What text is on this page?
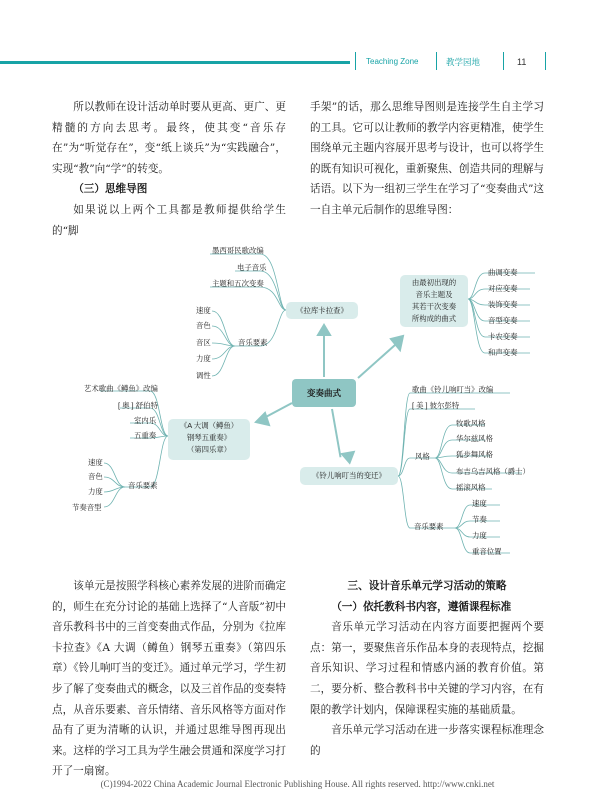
Teaching Zone	教学园地	11

所以教师在设计活动单时要从更高、更广、更精髓的方向去思考。最终，使其变“音乐存在”为“听觉存在”，变“纸上谈兵”为“实践融合”，实现“教”向“学”的转变。

（三）思维导图

如果说以上两个工具都是教师提供给学生的“脚

手架”的话，那么思维导图则是连接学生自主学习的工具。它可以让教师的教学内容更精准，使学生围绕单元主题内容展开思考与设计，也可以将学生的既有知识可视化，重新聚焦、创造共同的理解与话语。以下为一组初三学生在学习了“变奏曲式”这一自主单元后制作的思维导图：

变奏曲式
《拉库卡拉查》
墨西哥民歌改编
电子音乐
主题和五次变奏
音乐要素
速度
音色
音区
力度
调性
由最初出现的
音乐主题及
其若干次变奏
所构成的曲式
曲调变奏
对应变奏
装饰变奏
音型变奏
卡农变奏
和声变奏
《A 大调（鳟鱼）
钢琴五重奏》
（第四乐章）
艺术歌曲《鳟鱼》改编
[ 奥 ] 舒伯特
室内乐
五重奏
音乐要素
速度
音色
力度
节奏音型
《铃儿响叮当的变迁》
歌曲《铃儿响叮当》改编
[ 美 ] 彼尔彭特
风格
牧歌风格
华尔兹风格
狐步舞风格
布吉乌吉风格（爵士）
摇滚风格
音乐要素
速度
节奏
力度
重音位置

该单元是按照学科核心素养发展的进阶而确定的，师生在充分讨论的基础上选择了“人音版”初中音乐教科书中的三首变奏曲式作品，分别为《拉库卡拉查》《A 大调（鳟鱼）钢琴五重奏》（第四乐章）《铃儿响叮当的变迁》。通过单元学习，学生初步了解了变奏曲式的概念，以及三首作品的变奏特点，从音乐要素、音乐情绪、音乐风格等方面对作品有了更为清晰的认识，并通过思维导图再现出来。这样的学习工具为学生融会贯通和深度学习打开了一扇窗。

三、设计音乐单元学习活动的策略

（一）依托教科书内容，遵循课程标准

音乐单元学习活动在内容方面要把握两个要点：第一，要聚焦音乐作品本身的表现特点，挖掘音乐知识、学习过程和情感内涵的教育价值。第二，要分析、整合教科书中关键的学习内容，在有限的教学计划内，保障课程实施的基础质量。

音乐单元学习活动在进一步落实课程标准理念的

(C)1994-2022 China Academic Journal Electronic Publishing House. All rights reserved. http://www.cnki.net
